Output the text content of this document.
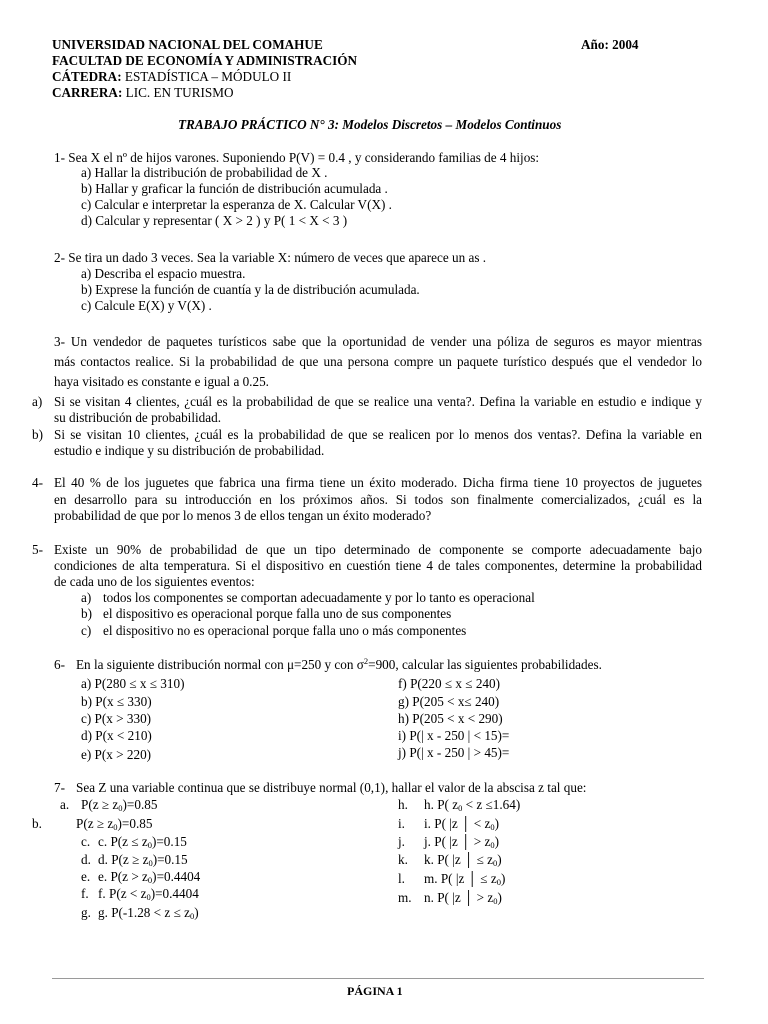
UNIVERSIDAD NACIONAL DEL COMAHUE	Año: 2004
FACULTAD DE ECONOMÍA Y ADMINISTRACIÓN
CÁTEDRA: ESTADÍSTICA – MÓDULO II
CARRERA: LIC. EN TURISMO
TRABAJO PRÁCTICO N° 3: Modelos Discretos – Modelos Continuos
1- Sea X el nº de hijos varones. Suponiendo P(V) = 0.4 , y considerando familias de 4 hijos:
a) Hallar la distribución de probabilidad de X .
b) Hallar y graficar la función de distribución acumulada .
c) Calcular e interpretar la esperanza de X. Calcular V(X) .
d) Calcular y representar ( X > 2 ) y P( 1 < X < 3 )
2- Se tira un dado 3 veces. Sea la variable X: número de veces que aparece un as .
a) Describa el espacio muestra.
b) Exprese la función de cuantía y la de distribución acumulada.
c) Calcule E(X) y V(X) .
3- Un vendedor de paquetes turísticos sabe que la oportunidad de vender una póliza de seguros es mayor mientras
más contactos realice. Si la probabilidad de que una persona compre un paquete turístico después que el vendedor lo
haya visitado es constante e igual a 0.25.
a) Si se visitan 4 clientes, ¿cuál es la probabilidad de que se realice una venta?. Defina la variable en estudio e indique y
su distribución de probabilidad.
b) Si se visitan 10 clientes, ¿cuál es la probabilidad de que se realicen por lo menos dos ventas?. Defina la variable en
estudio e indique y su distribución de probabilidad.
4- El 40 % de los juguetes que fabrica una firma tiene un éxito moderado. Dicha firma tiene 10 proyectos de juguetes
en desarrollo para su introducción en los próximos años. Si todos son finalmente comercializados, ¿cuál es la
probabilidad de que por lo menos 3 de ellos tengan un éxito moderado?
5- Existe un 90% de probabilidad de que un tipo determinado de componente se comporte adecuadamente bajo
condiciones de alta temperatura. Si el dispositivo en cuestión tiene 4 de tales componentes, determine la probabilidad
de cada uno de los siguientes eventos:
a) todos los componentes se comportan adecuadamente y por lo tanto es operacional
b) el dispositivo es operacional porque falla uno de sus componentes
c) el dispositivo no es operacional porque falla uno o más componentes
6- En la siguiente distribución normal con μ=250 y con $\sigma^2=900$, calcular las siguientes probabilidades.
a) P(280 ≤ x ≤ 310)
b) P(x ≤ 330)
c) P(x > 330)
d) P(x < 210)
e) P(x > 220)
f) P(220 ≤ x ≤ 240)
g) P(205 < x≤ 240)
h) P(205 < x < 290)
i) P(| x - 250 | < 15)=
j) P(| x - 250 | > 45)=
7- Sea Z una variable continua que se distribuye normal (0,1), hallar el valor de la abscisa z tal que:
a. $P(z \ge z_0)=0.85$
b.	$P(z \ge z_0)=0.85$
c. c. $P(z \le z_0)=0.15$
d. d. $P(z \ge z_0)=0.15$
e. e. $P(z > z_0)=0.4404$
f. f. $P(z < z_0)=0.4404$
g. g. $P(-1.28 < z \le z_0)$
h. h. P( $z_0 < z \le 1.64$)
i. i. P( |z │ < $z_0$)
j. j. P( |z │ > $z_0$)
k. k. P( |z │ ≤ $z_0$)
l. m. P( |z │ ≤ $z_0$)
m. n. P( |z │ > $z_0$)
PÁGINA 1
